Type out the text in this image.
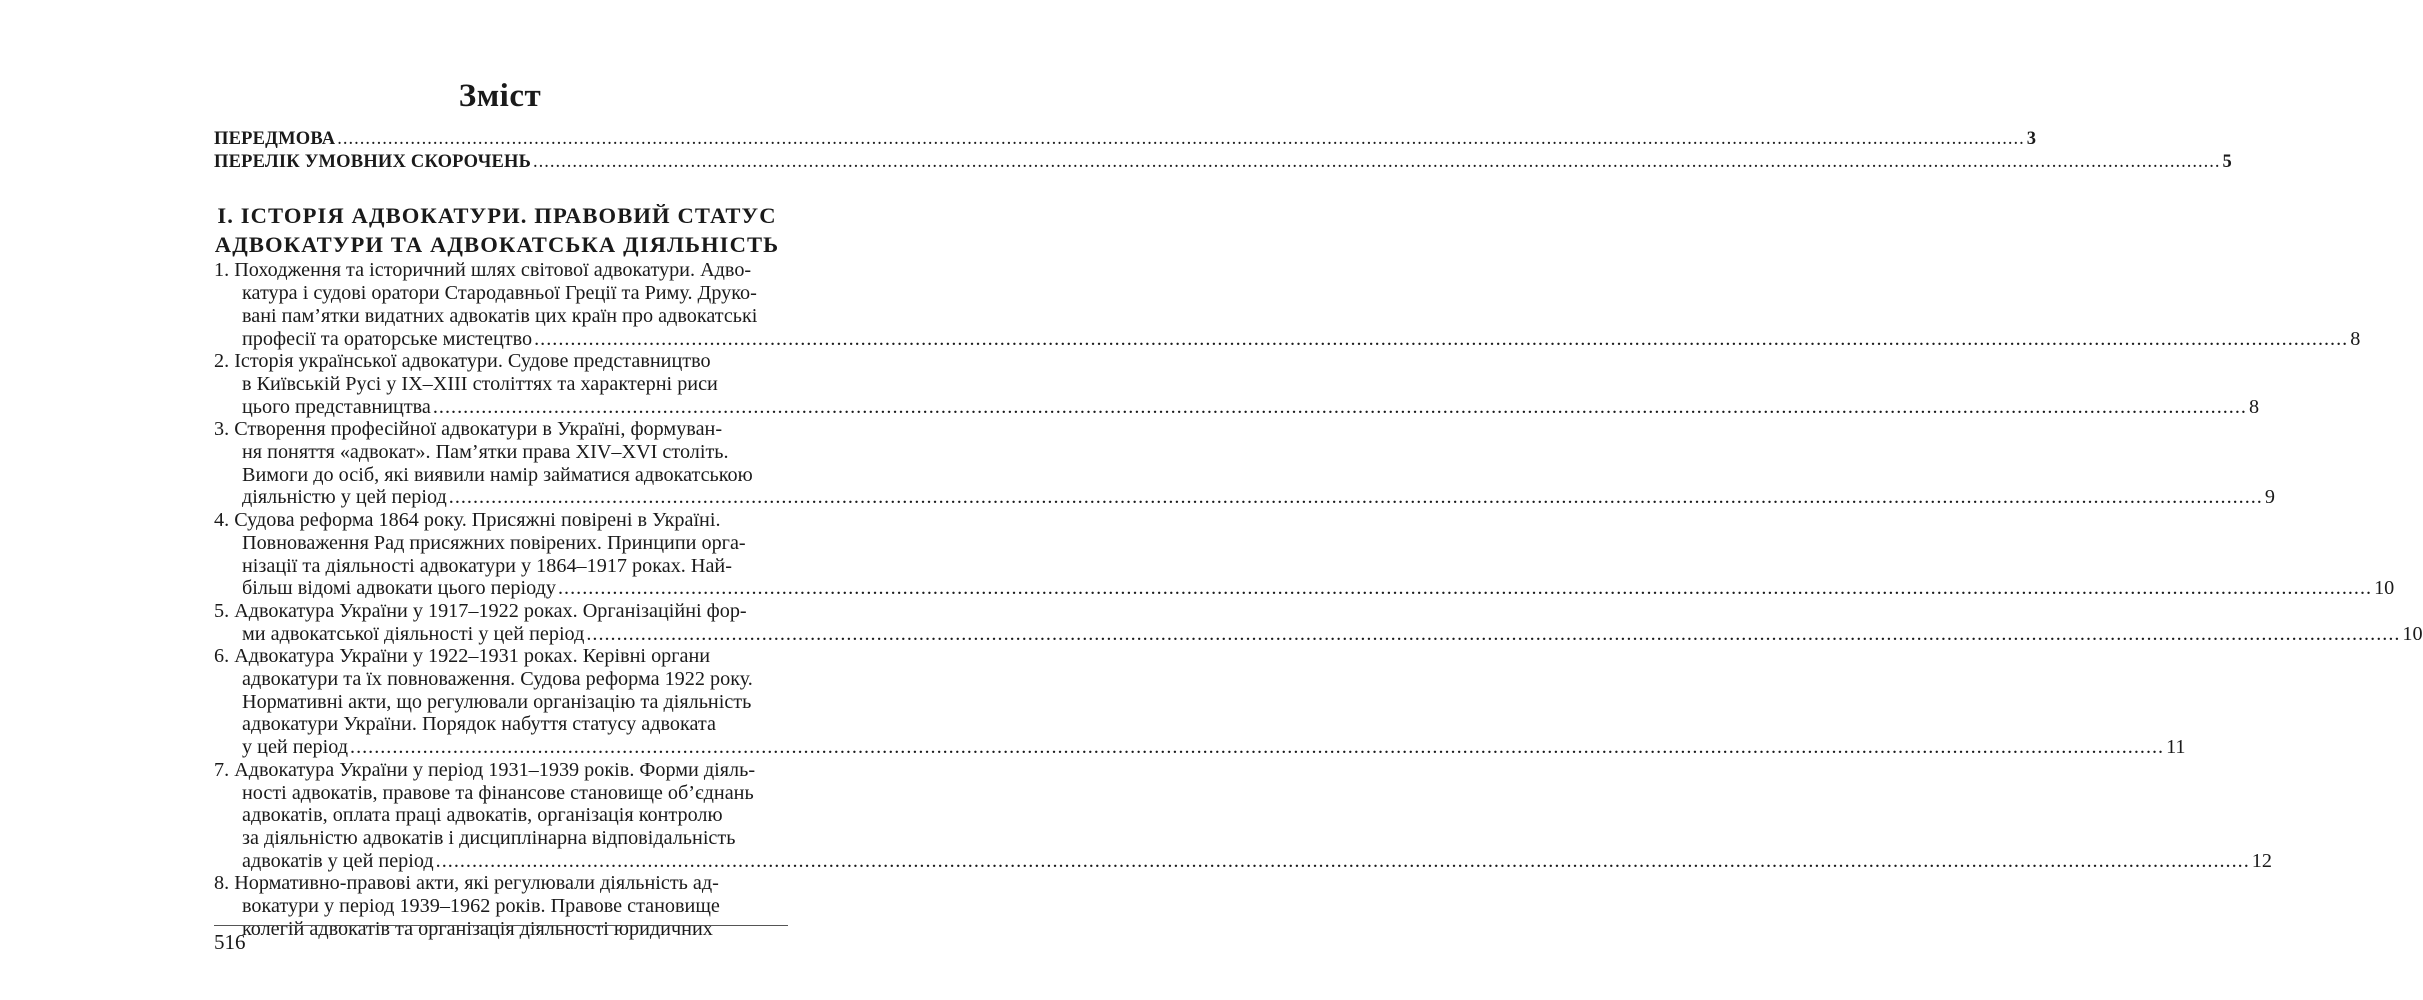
Зміст
ПЕРЕДМОВА ............................................................................................................................................................................................................................................................................................................ 3
ПЕРЕЛІК УМОВНИХ СКОРОЧЕНЬ ............................................................................................................................................................................................................................................................................................................ 5
І. ІСТОРІЯ АДВОКАТУРИ. ПРАВОВИЙ СТАТУС
АДВОКАТУРИ ТА АДВОКАТСЬКА ДІЯЛЬНІСТЬ
1. Походження та історичний шлях світової адвокатури. Адво-
катура і судові оратори Стародавньої Греції та Риму. Друко-
вані пам’ятки видатних адвокатів цих країн про адвокатські
професії та ораторське мистецтво ............................................................................................................................................................................................................................................................................................................ 8
2. Історія української адвокатури. Судове представництво
в Київській Русі у IX–XIII століттях та характерні риси
цього представництва ............................................................................................................................................................................................................................................................................................................ 8
3. Створення професійної адвокатури в Україні, формуван-
ня поняття «адвокат». Пам’ятки права XIV–XVI століть.
Вимоги до осіб, які виявили намір займатися адвокатською
діяльністю у цей період ............................................................................................................................................................................................................................................................................................................ 9
4. Судова реформа 1864 року. Присяжні повірені в Україні.
Повноваження Рад присяжних повірених. Принципи орга-
нізації та діяльності адвокатури у 1864–1917 роках. Най-
більш відомі адвокати цього періоду ............................................................................................................................................................................................................................................................................................................ 10
5. Адвокатура України у 1917–1922 роках. Організаційні фор-
ми адвокатської діяльності у цей період ............................................................................................................................................................................................................................................................................................................ 10
6. Адвокатура України у 1922–1931 роках. Керівні органи
адвокатури та їх повноваження. Судова реформа 1922 року.
Нормативні акти, що регулювали організацію та діяльність
адвокатури України. Порядок набуття статусу адвоката
у цей період ............................................................................................................................................................................................................................................................................................................ 11
7. Адвокатура України у період 1931–1939 років. Форми діяль-
ності адвокатів, правове та фінансове становище об’єднань
адвокатів, оплата праці адвокатів, організація контролю
за діяльністю адвокатів і дисциплінарна відповідальність
адвокатів у цей період ............................................................................................................................................................................................................................................................................................................ 12
8. Нормативно-правові акти, які регулювали діяльність ад-
вокатури у період 1939–1962 років. Правове становище
колегій адвокатів та організація діяльності юридичних
516
